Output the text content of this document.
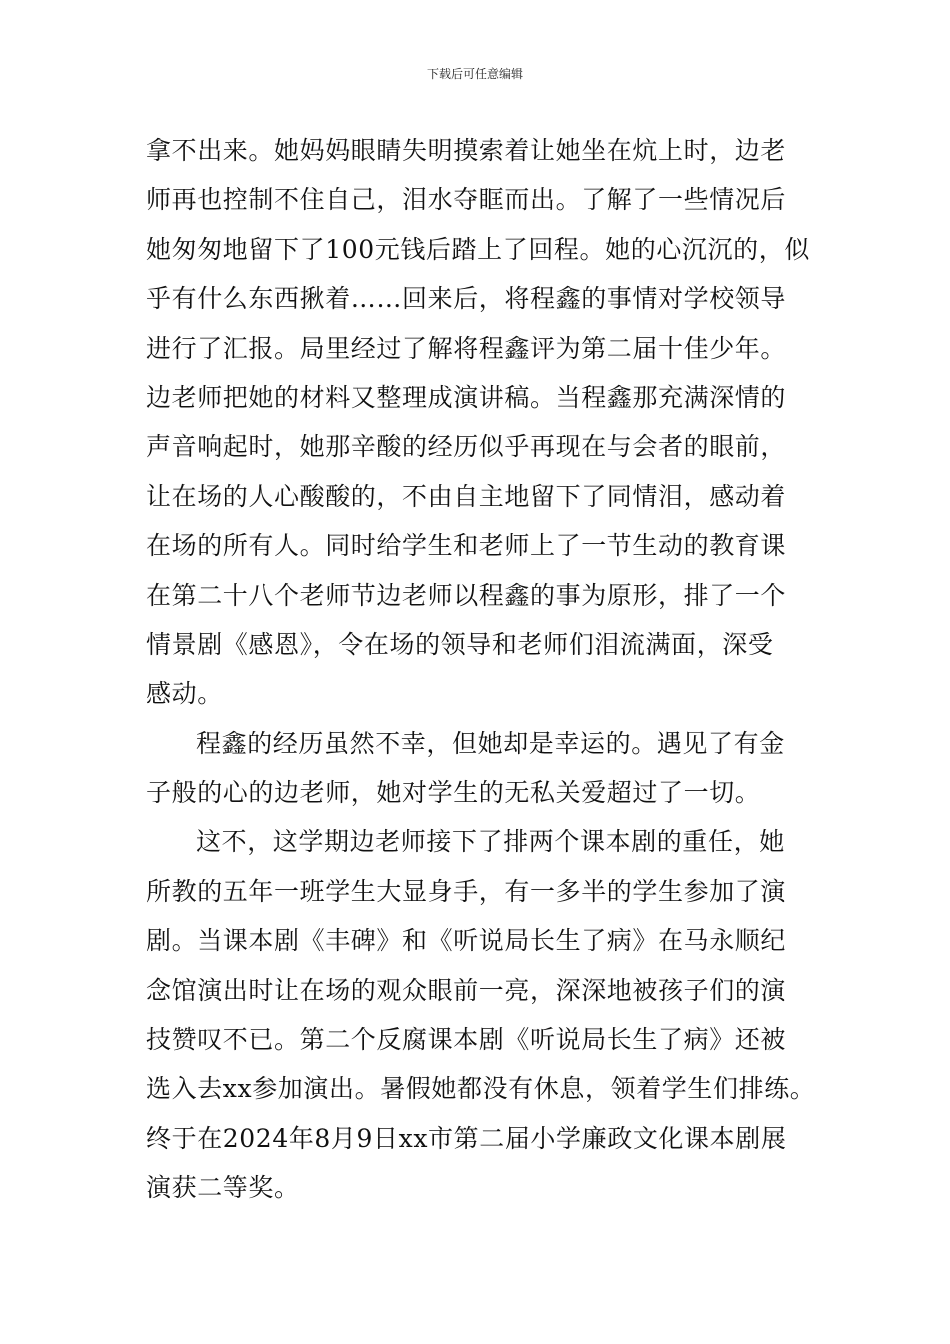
下载后可任意编辑
拿不出来。她妈妈眼睛失明摸索着让她坐在炕上时，边老
师再也控制不住自己，泪水夺眶而出。了解了一些情况后
她匆匆地留下了100元钱后踏上了回程。她的心沉沉的，似
乎有什么东西揪着……回来后，将程鑫的事情对学校领导
进行了汇报。局里经过了解将程鑫评为第二届十佳少年。
边老师把她的材料又整理成演讲稿。当程鑫那充满深情的
声音响起时，她那辛酸的经历似乎再现在与会者的眼前，
让在场的人心酸酸的，不由自主地留下了同情泪，感动着
在场的所有人。同时给学生和老师上了一节生动的教育课
在第二十八个老师节边老师以程鑫的事为原形，排了一个
情景剧《感恩》，令在场的领导和老师们泪流满面，深受
感动。
程鑫的经历虽然不幸，但她却是幸运的。遇见了有金
子般的心的边老师，她对学生的无私关爱超过了一切。
这不，这学期边老师接下了排两个课本剧的重任，她
所教的五年一班学生大显身手，有一多半的学生参加了演
剧。当课本剧《丰碑》和《听说局长生了病》在马永顺纪
念馆演出时让在场的观众眼前一亮，深深地被孩子们的演
技赞叹不已。第二个反腐课本剧《听说局长生了病》还被
选入去xx参加演出。暑假她都没有休息，领着学生们排练。
终于在2024年8月9日xx市第二届小学廉政文化课本剧展
演获二等奖。
